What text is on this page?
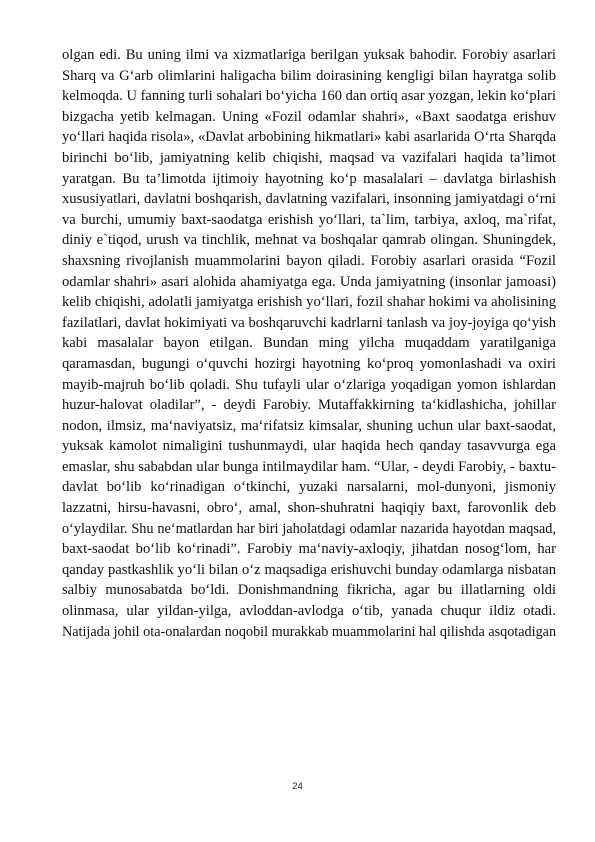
olgan edi. Bu uning ilmi va xizmatlariga berilgan yuksak bahodir. Forobiy asarlari
Sharq va G‘arb olimlarini haligacha bilim doirasining kengligi bilan hayratga solib
kelmoqda. U fanning turli sohalari bo‘yicha 160 dan ortiq asar yozgan, lekin ko‘plari
bizgacha yetib kelmagan. Uning «Fozil odamlar shahri», «Baxt saodatga erishuv
yo‘llari haqida risola», «Davlat arbobining hikmatlari» kabi asarlarida O‘rta Sharqda
birinchi bo‘lib, jamiyatning kelib chiqishi, maqsad va vazifalari haqida ta’limot
yaratgan. Bu ta’limotda ijtimoiy hayotning ko‘p masalalari – davlatga birlashish
xususiyatlari, davlatni boshqarish, davlatning vazifalari, insonning jamiyatdagi o‘rni
va burchi, umumiy baxt-saodatga erishish yo‘llari, ta`lim, tarbiya, axloq, ma`rifat,
diniy e`tiqod, urush va tinchlik, mehnat va boshqalar qamrab olingan. Shuningdek,
shaxsning rivojlanish muammolarini bayon qiladi. Forobiy asarlari orasida “Fozil
odamlar shahri» asari alohida ahamiyatga ega. Unda jamiyatning (insonlar jamoasi)
kelib chiqishi, adolatli jamiyatga erishish yo‘llari, fozil shahar hokimi va aholisining
fazilatlari, davlat hokimiyati va boshqaruvchi kadrlarni tanlash va joy-joyiga qo‘yish
kabi masalalar bayon etilgan. Bundan ming yilcha muqaddam yaratilganiga
qaramasdan, bugungi o‘quvchi hozirgi hayotning ko‘proq yomonlashadi va oxiri
mayib-majruh bo‘lib qoladi. Shu tufayli ular o‘zlariga yoqadigan yomon ishlardan
huzur-halovat oladilar”, - deydi Farobiy. Mutaffakkirning ta‘kidlashicha, johillar
nodon, ilmsiz, ma‘naviyatsiz, ma‘rifatsiz kimsalar, shuning uchun ular baxt-saodat,
yuksak kamolot nimaligini tushunmaydi, ular haqida hech qanday tasavvurga ega
emaslar, shu sababdan ular bunga intilmaydilar ham. “Ular, - deydi Farobiy, - baxtu-
davlat bo‘lib ko‘rinadigan o‘tkinchi, yuzaki narsalarni, mol-dunyoni, jismoniy
lazzatni, hirsu-havasni, obro‘, amal, shon-shuhratni haqiqiy baxt, farovonlik deb
o‘ylaydilar. Shu ne‘matlardan har biri jaholatdagi odamlar nazarida hayotdan maqsad,
baxt-saodat bo‘lib ko‘rinadi”. Farobiy ma‘naviy-axloqiy, jihatdan nosog‘lom, har
qanday pastkashlik yo‘li bilan o‘z maqsadiga erishuvchi bunday odamlarga nisbatan
salbiy munosabatda bo‘ldi. Donishmandning fikricha, agar bu illatlarning oldi
olinmasa, ular yildan-yilga, avloddan-avlodga o‘tib, yanada chuqur ildiz otadi.
Natijada johil ota-onalardan noqobil murakkab muammolarini hal qilishda asqotadigan
24
